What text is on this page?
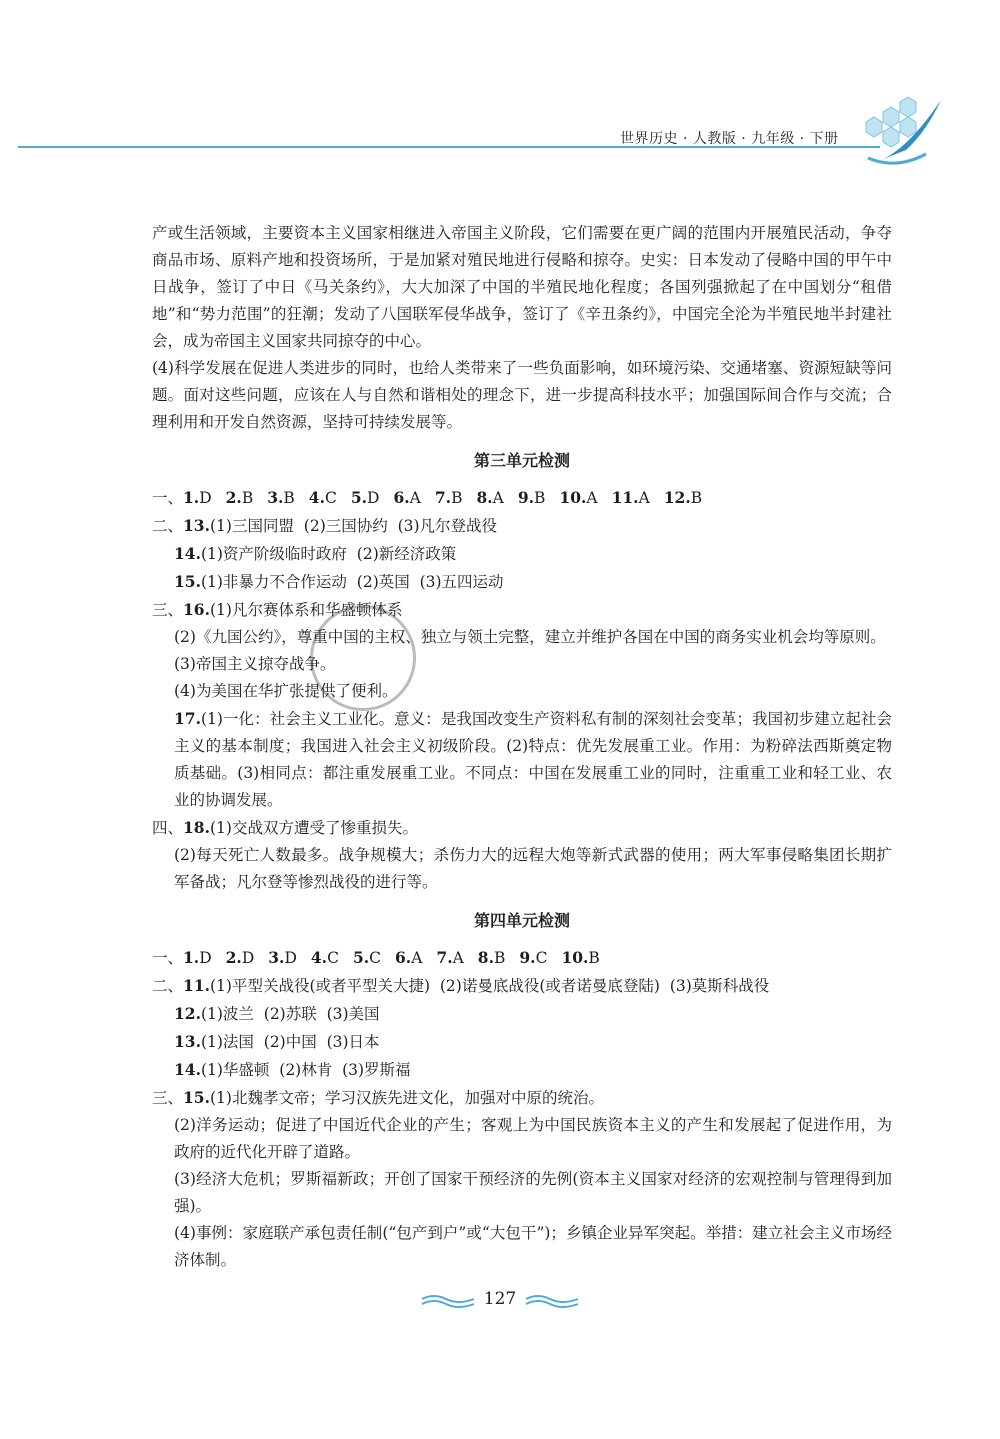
世界历史 · 人教版 · 九年级 · 下册

产或生活领域，主要资本主义国家相继进入帝国主义阶段，它们需要在更广阔的范围内开展殖民活动，争夺商品市场、原料产地和投资场所，于是加紧对殖民地进行侵略和掠夺。史实：日本发动了侵略中国的甲午中日战争，签订了中日《马关条约》，大大加深了中国的半殖民地化程度；各国列强掀起了在中国划分“租借地”和“势力范围”的狂潮；发动了八国联军侵华战争，签订了《辛丑条约》，中国完全沦为半殖民地半封建社会，成为帝国主义国家共同掠夺的中心。

(4)科学发展在促进人类进步的同时，也给人类带来了一些负面影响，如环境污染、交通堵塞、资源短缺等问题。面对这些问题，应该在人与自然和谐相处的理念下，进一步提高科技水平；加强国际间合作与交流；合理利用和开发自然资源，坚持可持续发展等。

第三单元检测

一、1.D 2.B 3.B 4.C 5.D 6.A 7.B 8.A 9.B 10.A 11.A 12.B

二、13.(1)三国同盟  (2)三国协约  (3)凡尔登战役

14.(1)资产阶级临时政府  (2)新经济政策

15.(1)非暴力不合作运动  (2)英国  (3)五四运动

三、16.(1)凡尔赛体系和华盛顿体系

(2)《九国公约》，尊重中国的主权、独立与领土完整，建立并维护各国在中国的商务实业机会均等原则。

(3)帝国主义掠夺战争。

(4)为美国在华扩张提供了便利。

17.(1)一化：社会主义工业化。意义：是我国改变生产资料私有制的深刻社会变革；我国初步建立起社会主义的基本制度；我国进入社会主义初级阶段。(2)特点：优先发展重工业。作用：为粉碎法西斯奠定物质基础。(3)相同点：都注重发展重工业。不同点：中国在发展重工业的同时，注重重工业和轻工业、农业的协调发展。

四、18.(1)交战双方遭受了惨重损失。

(2)每天死亡人数最多。战争规模大；杀伤力大的远程大炮等新式武器的使用；两大军事侵略集团长期扩军备战；凡尔登等惨烈战役的进行等。

第四单元检测

一、1.D 2.D 3.D 4.C 5.C 6.A 7.A 8.B 9.C 10.B

二、11.(1)平型关战役(或者平型关大捷)  (2)诺曼底战役(或者诺曼底登陆)  (3)莫斯科战役

12.(1)波兰  (2)苏联  (3)美国

13.(1)法国  (2)中国  (3)日本

14.(1)华盛顿  (2)林肯  (3)罗斯福

三、15.(1)北魏孝文帝；学习汉族先进文化，加强对中原的统治。

(2)洋务运动；促进了中国近代企业的产生；客观上为中国民族资本主义的产生和发展起了促进作用，为政府的近代化开辟了道路。

(3)经济大危机；罗斯福新政；开创了国家干预经济的先例(资本主义国家对经济的宏观控制与管理得到加强)。

(4)事例：家庭联产承包责任制(“包产到户”或“大包干”)；乡镇企业异军突起。举措：建立社会主义市场经济体制。

127
